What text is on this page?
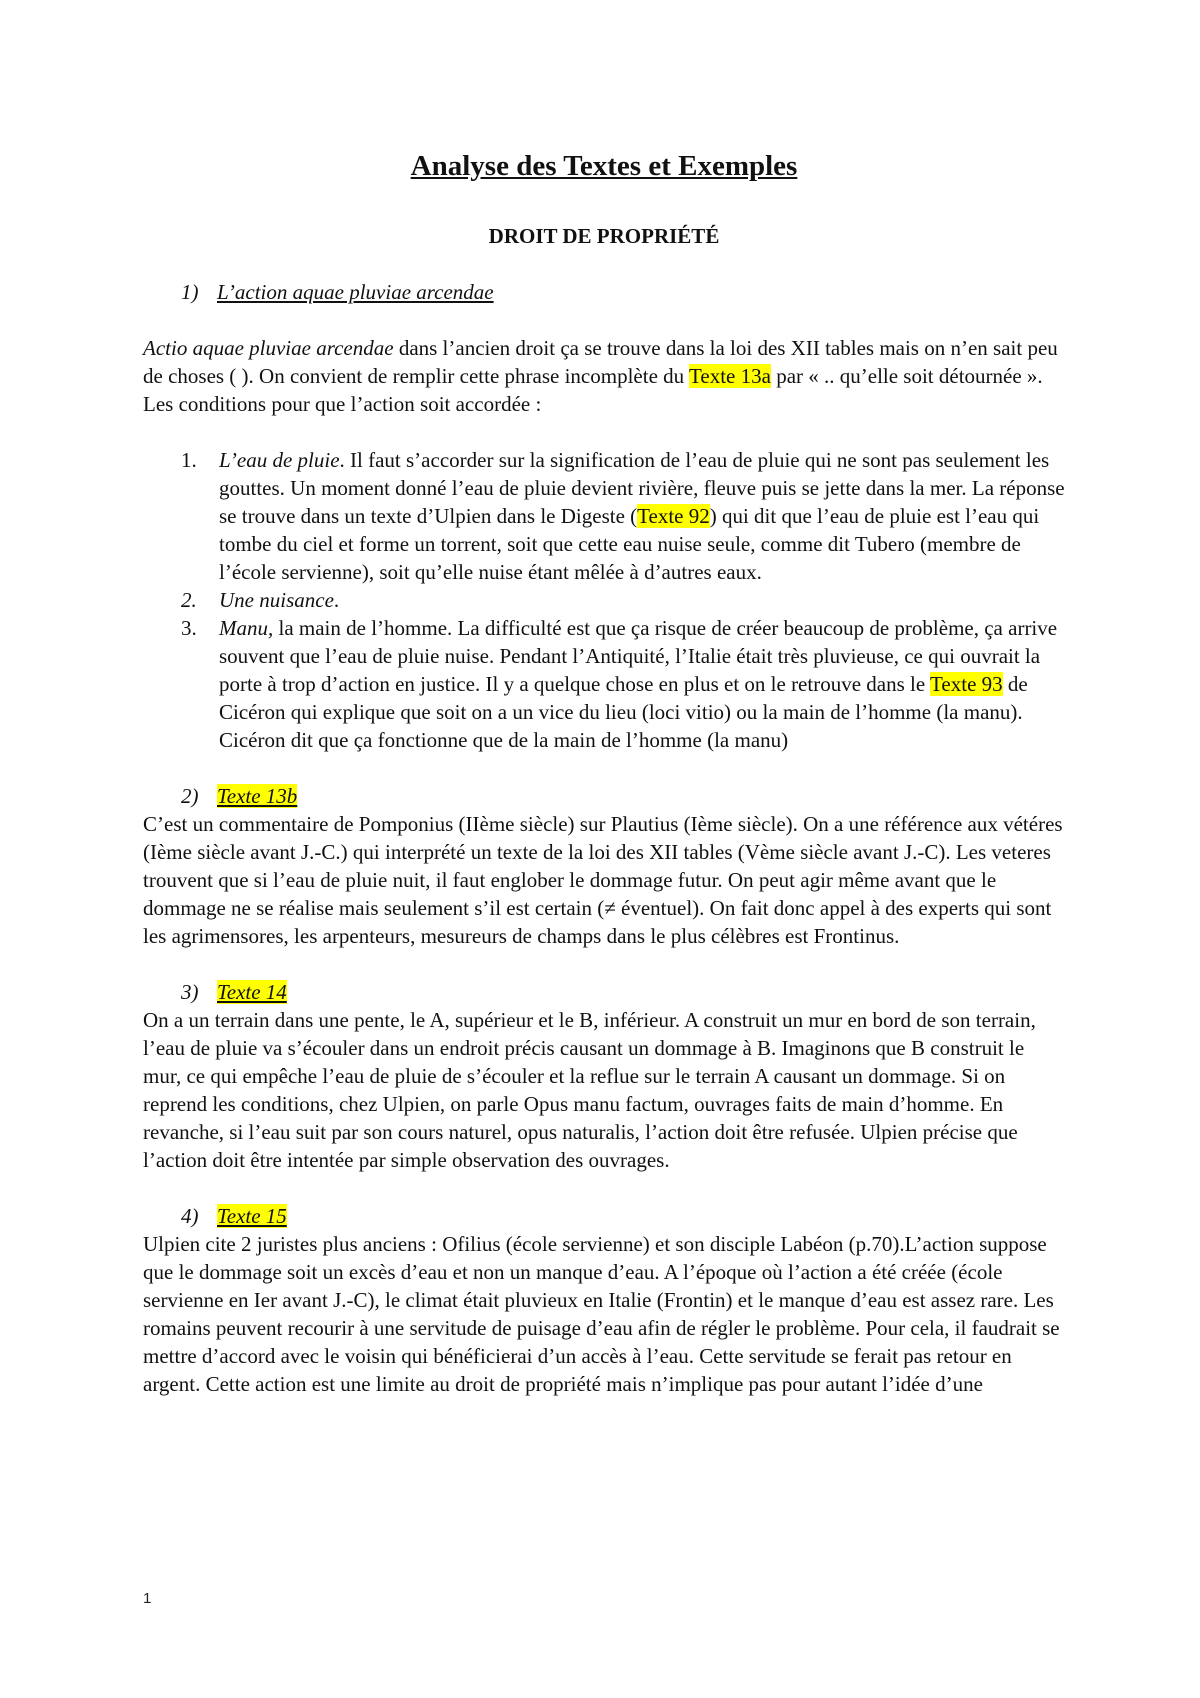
Analyse des Textes et Exemples

DROIT DE PROPRIÉTÉ

1) L’action aquae pluviae arcendae

Actio aquae pluviae arcendae dans l’ancien droit ça se trouve dans la loi des XII tables mais on n’en sait peu de choses ( ). On convient de remplir cette phrase incomplète du Texte 13a par « .. qu’elle soit détournée ». Les conditions pour que l’action soit accordée :

1. L’eau de pluie. Il faut s’accorder sur la signification de l’eau de pluie qui ne sont pas seulement les gouttes. Un moment donné l’eau de pluie devient rivière, fleuve puis se jette dans la mer. La réponse se trouve dans un texte d’Ulpien dans le Digeste (Texte 92) qui dit que l’eau de pluie est l’eau qui tombe du ciel et forme un torrent, soit que cette eau nuise seule, comme dit Tubero (membre de l’école servienne), soit qu’elle nuise étant mêlée à d’autres eaux.
2. Une nuisance.
3. Manu, la main de l’homme. La difficulté est que ça risque de créer beaucoup de problème, ça arrive souvent que l’eau de pluie nuise. Pendant l’Antiquité, l’Italie était très pluvieuse, ce qui ouvrait la porte à trop d’action en justice. Il y a quelque chose en plus et on le retrouve dans le Texte 93 de Cicéron qui explique que soit on a un vice du lieu (loci vitio) ou la main de l’homme (la manu). Cicéron dit que ça fonctionne que de la main de l’homme (la manu)

2) Texte 13b

C’est un commentaire de Pomponius (IIème siècle) sur Plautius (Ième siècle). On a une référence aux vétéres (Ième siècle avant J.-C.) qui interprété un texte de la loi des XII tables (Vème siècle avant J.-C). Les veteres trouvent que si l’eau de pluie nuit, il faut englober le dommage futur. On peut agir même avant que le dommage ne se réalise mais seulement s’il est certain (≠ éventuel). On fait donc appel à des experts qui sont les agrimensores, les arpenteurs, mesureurs de champs dans le plus célèbres est Frontinus.

3) Texte 14

On a un terrain dans une pente, le A, supérieur et le B, inférieur. A construit un mur en bord de son terrain, l’eau de pluie va s’écouler dans un endroit précis causant un dommage à B. Imaginons que B construit le mur, ce qui empêche l’eau de pluie de s’écouler et la reflue sur le terrain A causant un dommage. Si on reprend les conditions, chez Ulpien, on parle Opus manu factum, ouvrages faits de main d’homme. En revanche, si l’eau suit par son cours naturel, opus naturalis, l’action doit être refusée. Ulpien précise que l’action doit être intentée par simple observation des ouvrages.

4) Texte 15

Ulpien cite 2 juristes plus anciens : Ofilius (école servienne) et son disciple Labéon (p.70).L’action suppose que le dommage soit un excès d’eau et non un manque d’eau. A l’époque où l’action a été créée (école servienne en Ier avant J.-C), le climat était pluvieux en Italie (Frontin) et le manque d’eau est assez rare. Les romains peuvent recourir à une servitude de puisage d’eau afin de régler le problème. Pour cela, il faudrait se mettre d’accord avec le voisin qui bénéficierai d’un accès à l’eau. Cette servitude se ferait pas retour en argent. Cette action est une limite au droit de propriété mais n’implique pas pour autant l’idée d’une

1
